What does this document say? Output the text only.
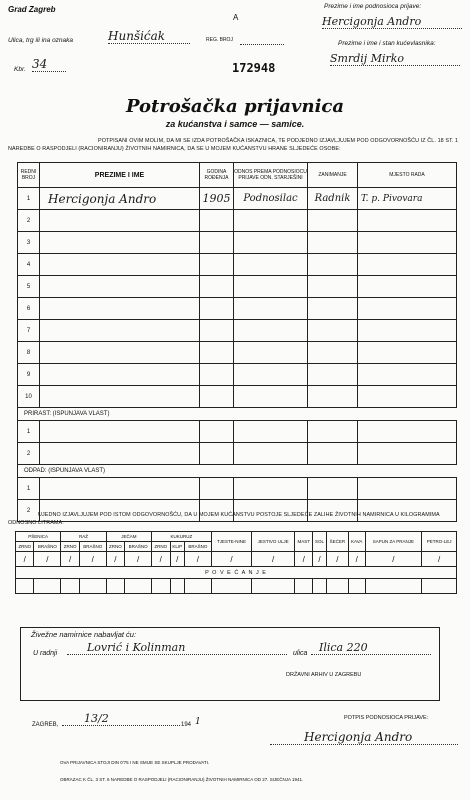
Grad Zagreb
A
Prezime i ime podnosioca prijave:
Hercigonja Andro
Ulica, trg ili ina oznaka	Hunšićak	REG. BROJ	Prezime i ime i stan kućevlasnika:
Kbr. 34	172948
Smrdij Mirko
Potrošačka prijavnica
za kućanstva i samce — samice.
POTPISANI OVIM MOLIM, DA MI SE IZDA POTROŠAČKA ISKAZNICA, TE PODJEDNO IZJAVLJUJEM POD ODGOVORNOŠĆU IZ ČL. 18 ST. 1 NAREDBE O RASPODJELI (RACIONIRANJU) ŽIVOTNIH NAMIRNICA, DA SE U MOJEM KUĆANSTVU HRANE SLJEDEĆE OSOBE:
REDNI BROJ	PREZIME I IME	GODINA ROĐENJA	ODNOS PREMA PODNOSIOCU PRIJAVE ODN. STARJEŠINI	ZANIMANJE	MJESTO RADA
1	Hercigonja Andro	1905	Podnosilac	Radnik	T. p. Pivovara
2					
3					
4					
5					
6					
7					
8					
9					
10					
PRIRAST: (ISPUNJAVA VLAST)					
1					
2					
ODPAD: (ISPUNJAVA VLAST)					
1					
2					
UJEDNO IZJAVLJUJEM POD ISTOM ODGOVORNOŠĆU, DA U MOJEM KUĆANSTVU POSTOJE SLJEDEĆE ZALIHE ŽIVOTNIH NAMIRNICA U KILOGRAMIMA ODNOSNO LITRAMA:
PŠENICA		RAŽ		JEČAM		KUKURUZ			TJESTE-NINE	JESTIVO ULJE	MAST	SOL	ŠEĆER	KAVA	SAPUN ZA PRANJE	PETRO-LEJ
ZRNO	BRAŠNO	ZRNO	BRAŠNO	ZRNO	BRAŠNO	ZRNO	KLIP	BRAŠNO								
/	/	/	/	/	/	/	/	/	/	/	/	/	/	/	/	/
P O V E Ć A N J E																

Živežne namirnice nabavljat ću:
U radnji	Lovrić i Kolinman	ulica	Ilica 220
DRŽAVNI ARHIV U ZAGREBU
ZAGREB,	13/2	194 1	POTPIS PODNOSIOCA PRIJAVE:
Hercigonja Andro
OVA PRIJAVNICA STOJI DIN 0'75 I NE SMIJE SE SKUPLJE PRODAVATI.
OBRAZAC K ČL. 3 ST. 6 NAREDBE O RASPODJELI (RACIONIRANJU) ŽIVOTNIH NAMIRNICA OD 27. SIJEČNJA 1941.
